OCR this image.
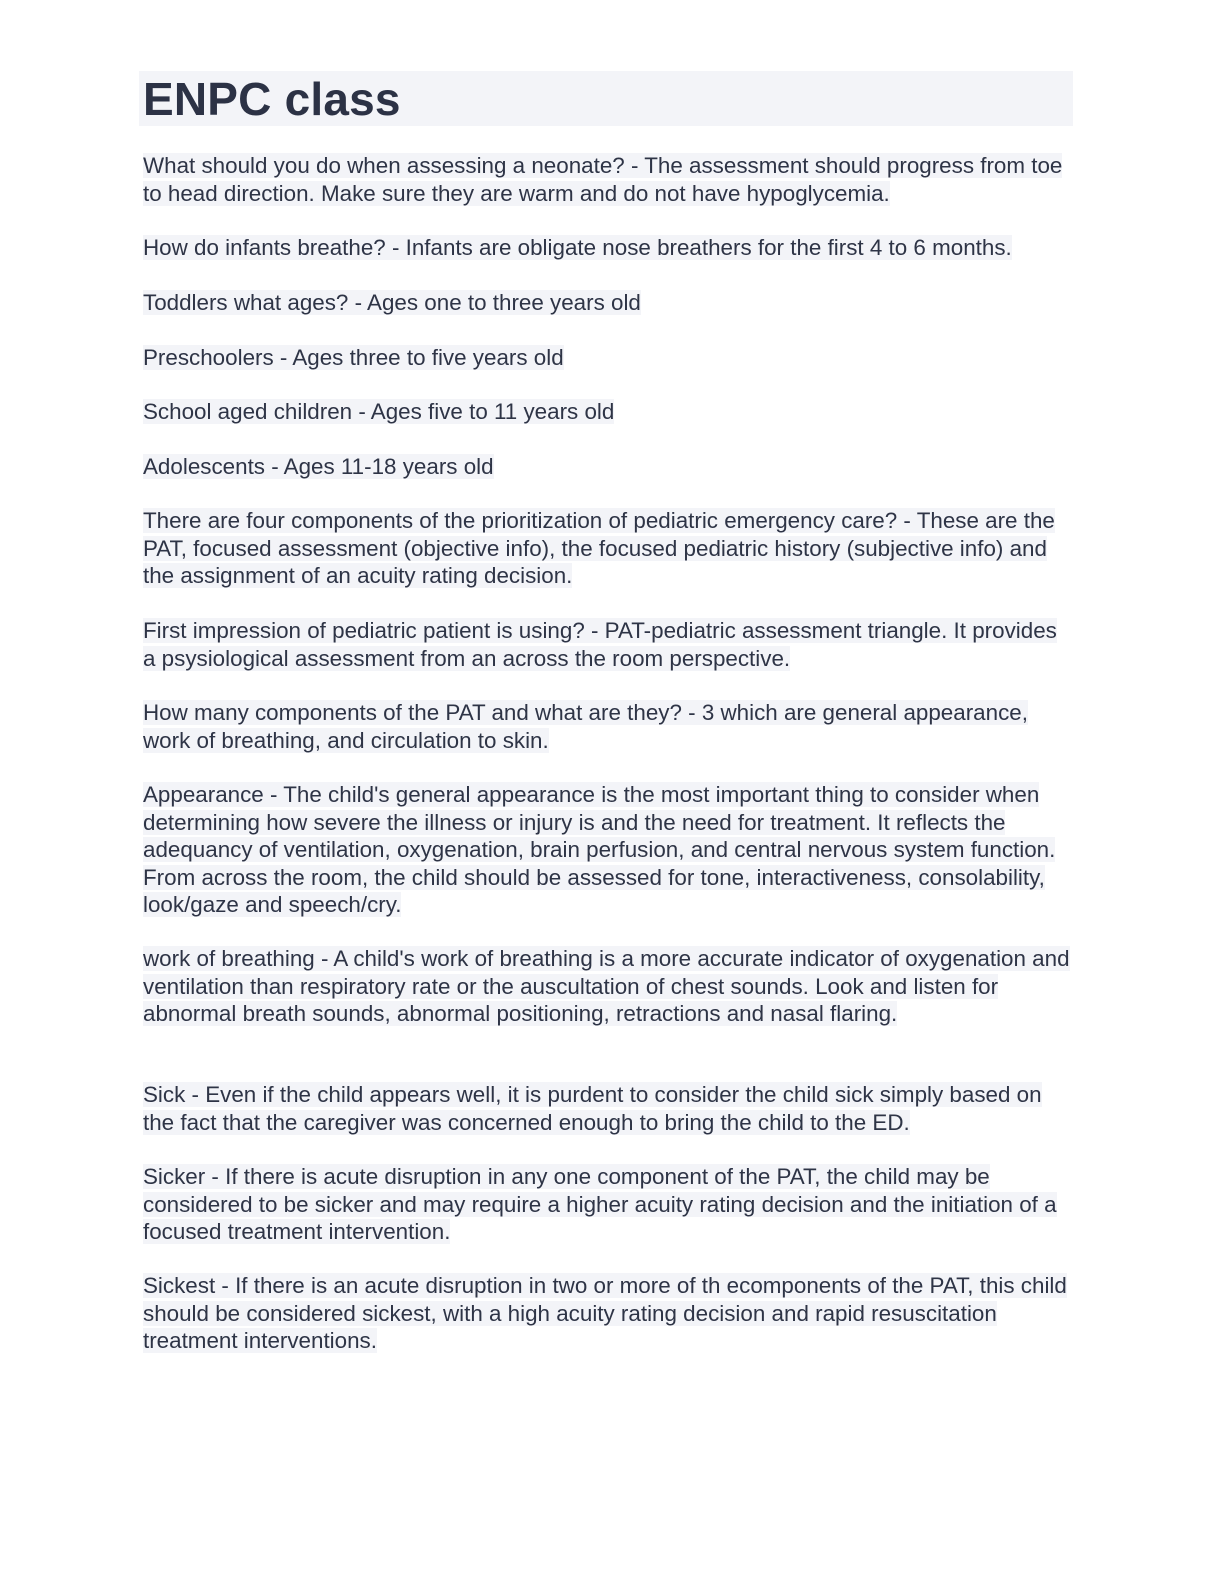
ENPC class

What should you do when assessing a neonate? - The assessment should progress from toe to head direction. Make sure they are warm and do not have hypoglycemia.

How do infants breathe? - Infants are obligate nose breathers for the first 4 to 6 months.

Toddlers what ages? - Ages one to three years old

Preschoolers - Ages three to five years old

School aged children - Ages five to 11 years old

Adolescents - Ages 11-18 years old

There are four components of the prioritization of pediatric emergency care? - These are the PAT, focused assessment (objective info), the focused pediatric history (subjective info) and the assignment of an acuity rating decision.

First impression of pediatric patient is using? - PAT-pediatric assessment triangle. It provides a psysiological assessment from an across the room perspective.

How many components of the PAT and what are they? - 3 which are general appearance, work of breathing, and circulation to skin.

Appearance - The child's general appearance is the most important thing to consider when determining how severe the illness or injury is and the need for treatment. It reflects the adequancy of ventilation, oxygenation, brain perfusion, and central nervous system function. From across the room, the child should be assessed for tone, interactiveness, consolability, look/gaze and speech/cry.

work of breathing - A child's work of breathing is a more accurate indicator of oxygenation and ventilation than respiratory rate or the auscultation of chest sounds. Look and listen for abnormal breath sounds, abnormal positioning, retractions and nasal flaring.

Sick - Even if the child appears well, it is purdent to consider the child sick simply based on the fact that the caregiver was concerned enough to bring the child to the ED.

Sicker - If there is acute disruption in any one component of the PAT, the child may be considered to be sicker and may require a higher acuity rating decision and the initiation of a focused treatment intervention.

Sickest - If there is an acute disruption in two or more of th ecomponents of the PAT, this child should be considered sickest, with a high acuity rating decision and rapid resuscitation treatment interventions.
